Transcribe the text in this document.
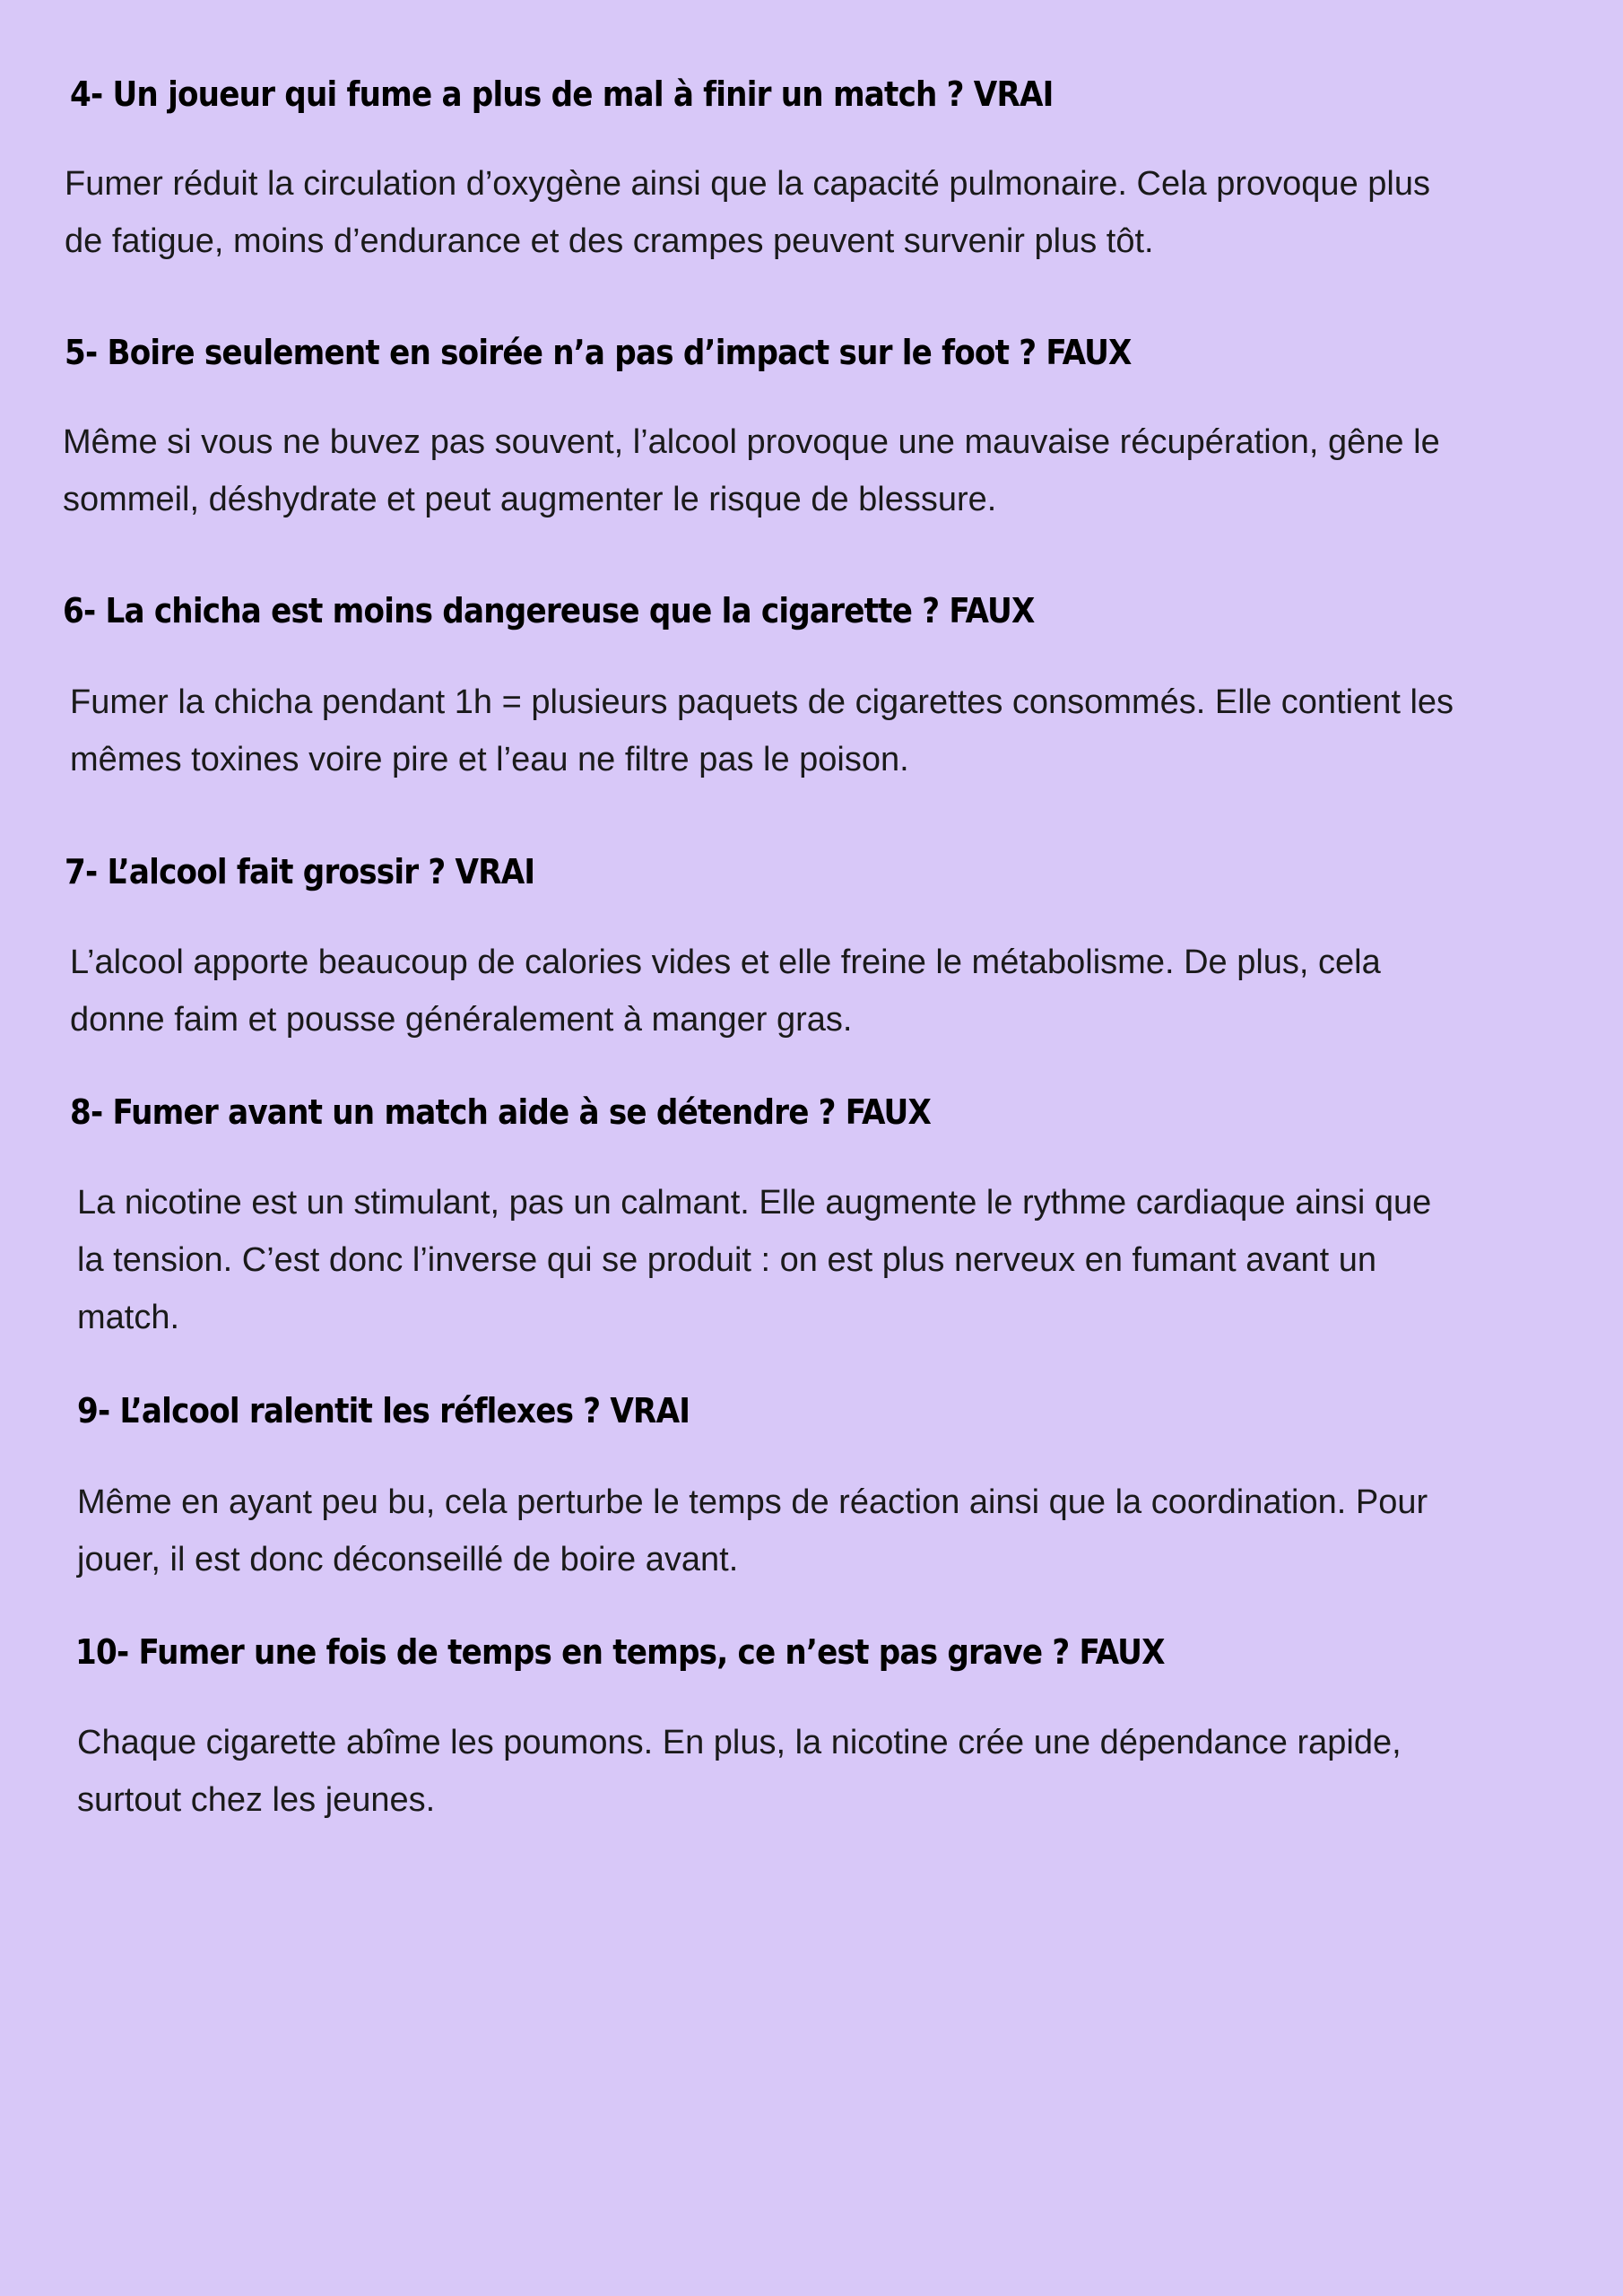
4- Un joueur qui fume a plus de mal à finir un match ? VRAI

Fumer réduit la circulation d’oxygène ainsi que la capacité pulmonaire. Cela provoque plus
de fatigue, moins d’endurance et des crampes peuvent survenir plus tôt.

5- Boire seulement en soirée n’a pas d’impact sur le foot ? FAUX

Même si vous ne buvez pas souvent, l’alcool provoque une mauvaise récupération, gêne le
sommeil, déshydrate et peut augmenter le risque de blessure.

6- La chicha est moins dangereuse que la cigarette ? FAUX

Fumer la chicha pendant 1h = plusieurs paquets de cigarettes consommés. Elle contient les
mêmes toxines voire pire et l’eau ne filtre pas le poison.

7- L’alcool fait grossir ? VRAI

L’alcool apporte beaucoup de calories vides et elle freine le métabolisme. De plus, cela
donne faim et pousse généralement à manger gras.

8- Fumer avant un match aide à se détendre ? FAUX

La nicotine est un stimulant, pas un calmant. Elle augmente le rythme cardiaque ainsi que
la tension. C’est donc l’inverse qui se produit : on est plus nerveux en fumant avant un
match.

9- L’alcool ralentit les réflexes ? VRAI

Même en ayant peu bu, cela perturbe le temps de réaction ainsi que la coordination. Pour
jouer, il est donc déconseillé de boire avant.

10- Fumer une fois de temps en temps, ce n’est pas grave ? FAUX

Chaque cigarette abîme les poumons. En plus, la nicotine crée une dépendance rapide,
surtout chez les jeunes.
